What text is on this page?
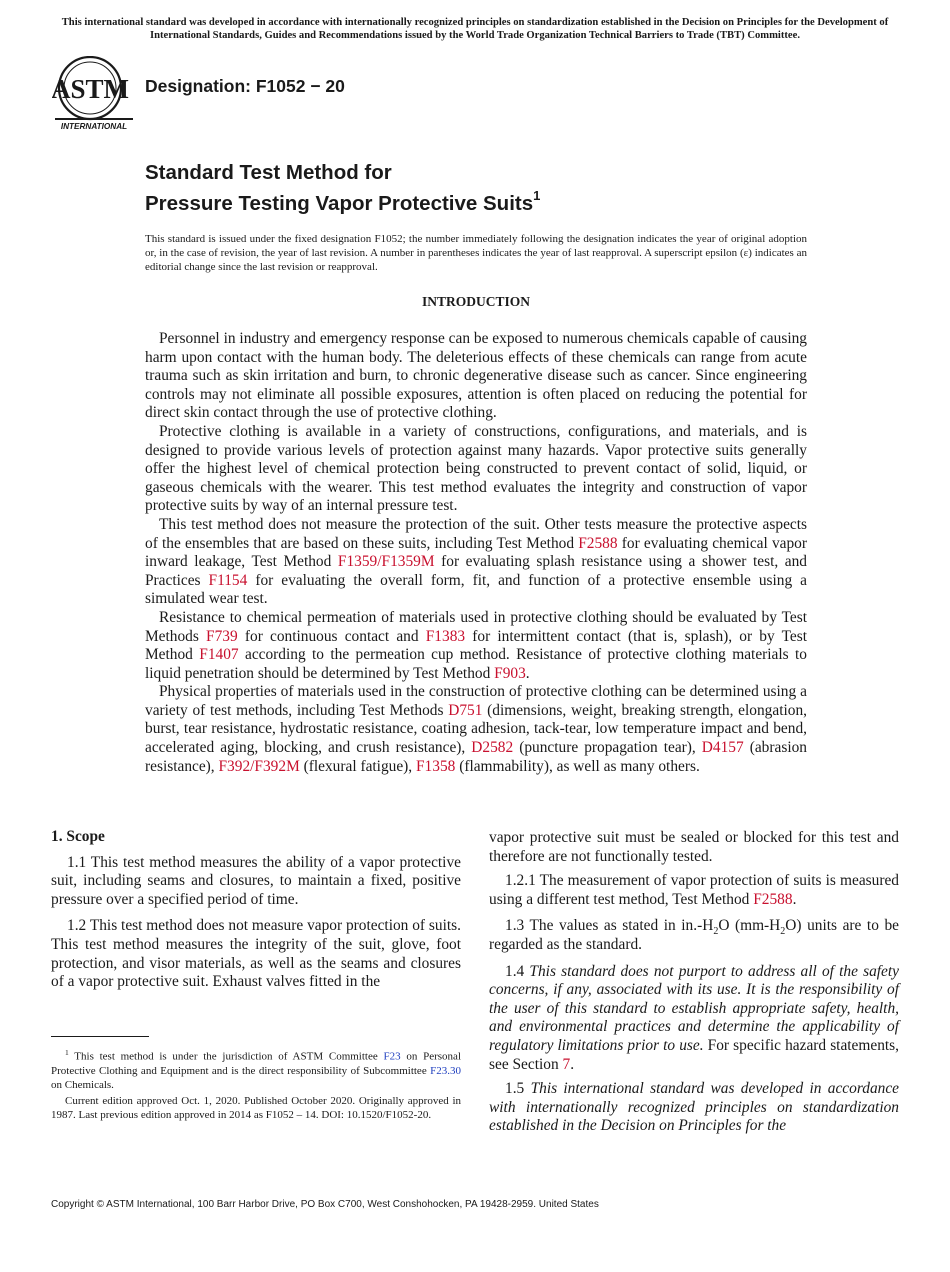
This international standard was developed in accordance with internationally recognized principles on standardization established in the Decision on Principles for the Development of International Standards, Guides and Recommendations issued by the World Trade Organization Technical Barriers to Trade (TBT) Committee.
ASTM
INTERNATIONAL
Designation: F1052 − 20
Standard Test Method for
Pressure Testing Vapor Protective Suits$^1$
This standard is issued under the fixed designation F1052; the number immediately following the designation indicates the year of original adoption or, in the case of revision, the year of last revision. A number in parentheses indicates the year of last reapproval. A superscript epsilon (ε) indicates an editorial change since the last revision or reapproval.
INTRODUCTION

Personnel in industry and emergency response can be exposed to numerous chemicals capable of causing harm upon contact with the human body. The deleterious effects of these chemicals can range from acute trauma such as skin irritation and burn, to chronic degenerative disease such as cancer. Since engineering controls may not eliminate all possible exposures, attention is often placed on reducing the potential for direct skin contact through the use of protective clothing.

Protective clothing is available in a variety of constructions, configurations, and materials, and is designed to provide various levels of protection against many hazards. Vapor protective suits generally offer the highest level of chemical protection being constructed to prevent contact of solid, liquid, or gaseous chemicals with the wearer. This test method evaluates the integrity and construction of vapor protective suits by way of an internal pressure test.

This test method does not measure the protection of the suit. Other tests measure the protective aspects of the ensembles that are based on these suits, including Test Method F2588 for evaluating chemical vapor inward leakage, Test Method F1359/F1359M for evaluating splash resistance using a shower test, and Practices F1154 for evaluating the overall form, fit, and function of a protective ensemble using a simulated wear test.

Resistance to chemical permeation of materials used in protective clothing should be evaluated by Test Methods F739 for continuous contact and F1383 for intermittent contact (that is, splash), or by Test Method F1407 according to the permeation cup method. Resistance of protective clothing materials to liquid penetration should be determined by Test Method F903.

Physical properties of materials used in the construction of protective clothing can be determined using a variety of test methods, including Test Methods D751 (dimensions, weight, breaking strength, elongation, burst, tear resistance, hydrostatic resistance, coating adhesion, tack-tear, low temperature impact and bend, accelerated aging, blocking, and crush resistance), D2582 (puncture propagation tear), D4157 (abrasion resistance), F392/F392M (flexural fatigue), F1358 (flammability), as well as many others.

1. Scope

1.1 This test method measures the ability of a vapor protective suit, including seams and closures, to maintain a fixed, positive pressure over a specified period of time.

1.2 This test method does not measure vapor protection of suits. This test method measures the integrity of the suit, glove, foot protection, and visor materials, as well as the seams and closures of a vapor protective suit. Exhaust valves fitted in the

$^1$ This test method is under the jurisdiction of ASTM Committee F23 on Personal Protective Clothing and Equipment and is the direct responsibility of Subcommittee F23.30 on Chemicals.

Current edition approved Oct. 1, 2020. Published October 2020. Originally approved in 1987. Last previous edition approved in 2014 as F1052 – 14. DOI: 10.1520/F1052-20.

vapor protective suit must be sealed or blocked for this test and therefore are not functionally tested.

1.2.1 The measurement of vapor protection of suits is measured using a different test method, Test Method F2588.

1.3 The values as stated in $in.-H_2O$ $(mm-H_2O)$ units are to be regarded as the standard.

1.4 This standard does not purport to address all of the safety concerns, if any, associated with its use. It is the responsibility of the user of this standard to establish appropriate safety, health, and environmental practices and determine the applicability of regulatory limitations prior to use. For specific hazard statements, see Section 7.

1.5 This international standard was developed in accordance with internationally recognized principles on standardization established in the Decision on Principles for the

Copyright © ASTM International, 100 Barr Harbor Drive, PO Box C700, West Conshohocken, PA 19428-2959. United States
